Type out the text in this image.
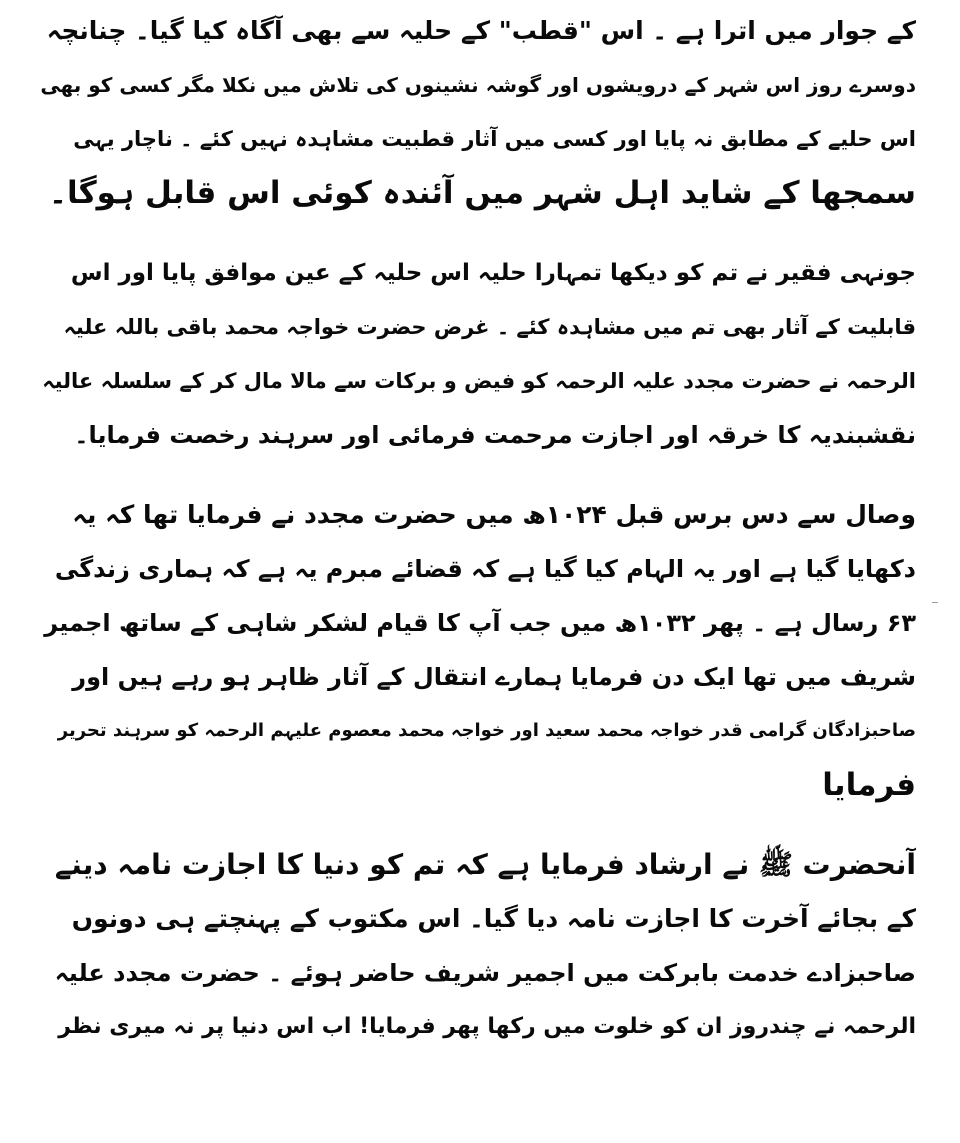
کے جوار میں اترا ہے ۔ اس "قطب" کے حلیہ سے بھی آگاہ کیا گیا۔ چنانچہ
دوسرے روز اس شہر کے درویشوں اور گوشہ نشینوں کی تلاش میں نکلا مگر کسی کو بھی
اس حلیے کے مطابق نہ پایا اور کسی میں آثار قطبیت مشاہدہ نہیں کئے ۔ ناچار یہی
سمجھا کے شاید اہل شہر میں آئندہ کوئی اس قابل ہوگا۔

جونہی فقیر نے تم کو دیکھا تمہارا حلیہ اس حلیہ کے عین موافق پایا اور اس
قابلیت کے آثار بھی تم میں مشاہدہ کئے ۔ غرض حضرت خواجہ محمد باقی باللہ علیہ
الرحمہ نے حضرت مجدد علیہ الرحمہ کو فیض و برکات سے مالا مال کر کے سلسلہ عالیہ
نقشبندیہ کا خرقہ اور اجازت مرحمت فرمائی اور سرہند رخصت فرمایا۔

وصال سے دس برس قبل ۱۰۲۴ھ میں حضرت مجدد نے فرمایا تھا کہ یہ
دکھایا گیا ہے اور یہ الہام کیا گیا ہے کہ قضائے مبرم یہ ہے کہ ہماری زندگی
۶۳ رسال ہے ۔ پھر ۱۰۳۲ھ میں جب آپ کا قیام لشکر شاہی کے ساتھ اجمیر
شریف میں تھا ایک دن فرمایا ہمارے انتقال کے آثار ظاہر ہو رہے ہیں اور
صاحبزادگان گرامی قدر خواجہ محمد سعید اور خواجہ محمد معصوم علیہم الرحمہ کو سرہند تحریر
فرمایا

آنحضرت ﷺ نے ارشاد فرمایا ہے کہ تم کو دنیا کا اجازت نامہ دینے
کے بجائے آخرت کا اجازت نامہ دیا گیا۔ اس مکتوب کے پہنچتے ہی دونوں
صاحبزادے خدمت بابرکت میں اجمیر شریف حاضر ہوئے ۔ حضرت مجدد علیہ
الرحمہ نے چندروز ان کو خلوت میں رکھا پھر فرمایا! اب اس دنیا پر نہ میری نظر
